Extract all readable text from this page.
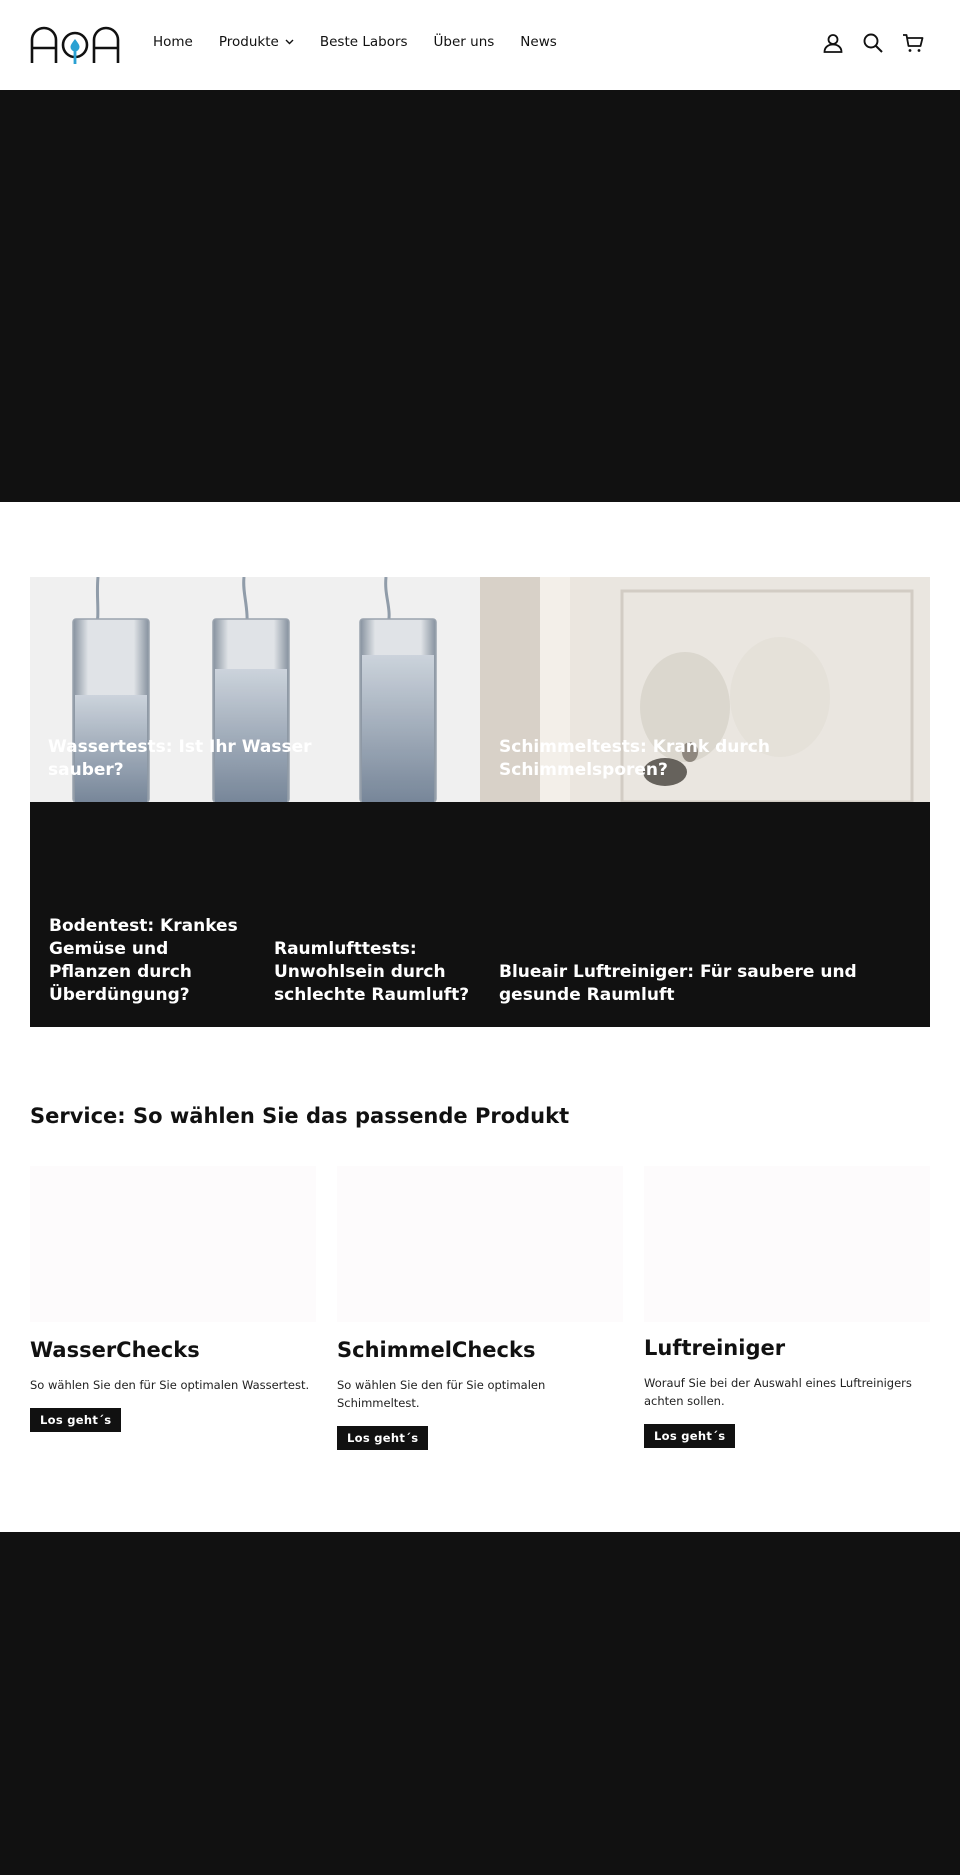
Home Produkte	Beste Labors Über uns News
Wassertests: Ist Ihr Wasser sauber?
Schimmeltests: Krank durch Schimmelsporen?
Bodentest: Krankes Gemüse und Pflanzen durch Überdüngung?
Raumlufttests: Unwohlsein durch schlechte Raumluft?
Blueair Luftreiniger: Für saubere und gesunde Raumluft
Service: So wählen Sie das passende Produkt
WasserChecks
So wählen Sie den für Sie optimalen Wassertest.
Los geht´s
SchimmelChecks
So wählen Sie den für Sie optimalen Schimmeltest.
Los geht´s
Luftreiniger
Worauf Sie bei der Auswahl eines Luftreinigers achten sollen.
Los geht´s
